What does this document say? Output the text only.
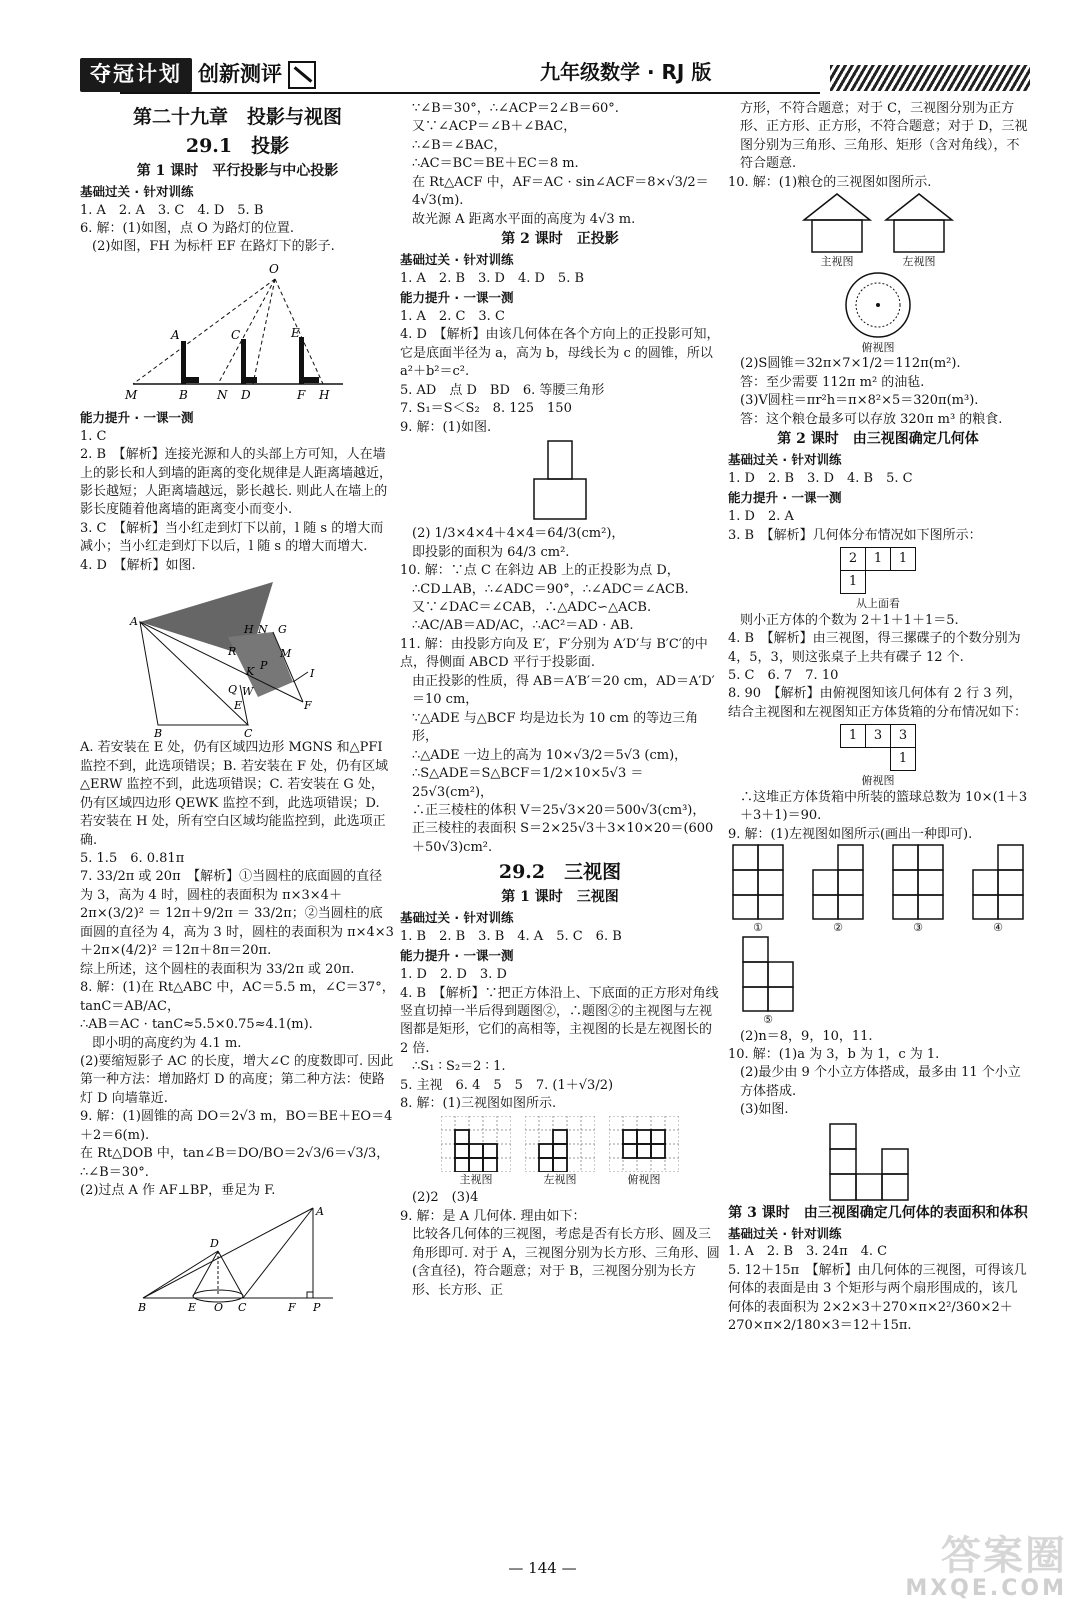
夺冠计划 创新测评	九年级数学 · RJ 版
第二十九章　投影与视图
29.1　投影
第 1 课时　平行投影与中心投影
基础过关 · 针对训练

1. A　2. A　3. C　4. D　5. B

6. 解：(1)如图，点 O 为路灯的位置.

(2)如图，FH 为标杆 EF 在路灯下的影子.

O
A	C	E
M	B N D	F H
能力提升 · 一课一测

1. C

2. B　【解析】连接光源和人的头部上方可知，人在墙上的影长和人到墙的距离的变化规律是人距离墙越近，影长越短；人距离墙越远，影长越长. 则此人在墙上的影长度随着他离墙的距离变小而变小.

3. C　【解析】当小红走到灯下以前，l 随 s 的增大而减小；当小红走到灯下以后，l 随 s 的增大而增大.

4. D　【解析】如图.

A
H N G
R	M
P
K	I
Q W
E	F
B	C

A. 若安装在 E 处，仍有区域四边形 MGNS 和△PFI 监控不到，此选项错误；B. 若安装在 F 处，仍有区域△ERW 监控不到，此选项错误；C. 若安装在 G 处，仍有区域四边形 QEWK 监控不到，此选项错误；D. 若安装在 H 处，所有空白区域均能监控到，此选项正确.

5. 1.5　6. 0.81π

7. 33/2π 或 20π　【解析】①当圆柱的底面圆的直径为 3，高为 4 时，圆柱的表面积为 π×3×4＋2π×(3/2)² ＝ 12π＋9/2π ＝ 33/2π；②当圆柱的底面圆的直径为 4，高为 3 时，圆柱的表面积为 π×4×3＋2π×(4/2)² ＝12π＋8π＝20π.

综上所述，这个圆柱的表面积为 33/2π 或 20π.

8. 解：(1)在 Rt△ABC 中，AC＝5.5 m，∠C＝37°，tanC＝AB/AC，

∴AB＝AC · tanC≈5.5×0.75≈4.1(m).

即小明的高度约为 4.1 m.

(2)要缩短影子 AC 的长度，增大∠C 的度数即可. 因此第一种方法：增加路灯 D 的高度；第二种方法：使路灯 D 向墙靠近.

9. 解：(1)圆锥的高 DO＝2√3 m，BO＝BE＋EO＝4＋2＝6(m).

在 Rt△DOB 中，tan∠B＝DO/BO＝2√3/6＝√3/3，

∴∠B＝30°.

(2)过点 A 作 AF⊥BP，垂足为 F.

A
D
B	E O C	F P

∵∠B＝30°，∴∠ACP＝2∠B＝60°.

又∵∠ACP＝∠B＋∠BAC，

∴∠B＝∠BAC，

∴AC＝BC＝BE＋EC＝8 m.

在 Rt△ACF 中，AF＝AC · sin∠ACF＝8×√3/2＝4√3(m).

故光源 A 距离水平面的高度为 4√3 m.

第 2 课时　正投影
基础过关 · 针对训练

1. A　2. B　3. D　4. D　5. B

能力提升 · 一课一测

1. A　2. C　3. C

4. D　【解析】由该几何体在各个方向上的正投影可知，它是底面半径为 a，高为 b，母线长为 c 的圆锥，所以 a²＋b²＝c².

5. AD　点 D　BD　6. 等腰三角形

7. S₁＝S＜S₂　8. 125　150

9. 解：(1)如图.

(2) 1/3×4×4＋4×4＝64/3(cm²)，

即投影的面积为 64/3 cm².

10. 解：∵点 C 在斜边 AB 上的正投影为点 D，

∴CD⊥AB，∴∠ADC＝90°，∴∠ADC＝∠ACB.

又∵∠DAC＝∠CAB，∴△ADC∽△ACB.

∴AC/AB＝AD/AC，∴AC²＝AD · AB.

11. 解：由投影方向及 E′，F′分别为 A′D′与 B′C′的中点，得侧面 ABCD 平行于投影面.

由正投影的性质，得 AB＝A′B′＝20 cm，AD＝A′D′＝10 cm，

∵△ADE 与△BCF 均是边长为 10 cm 的等边三角形，

∴△ADE 一边上的高为 10×√3/2＝5√3 (cm)，

∴S△ADE＝S△BCF＝1/2×10×5√3 ＝25√3(cm²)，

∴正三棱柱的体积 V＝25√3×20＝500√3(cm³)，

正三棱柱的表面积 S＝2×25√3＋3×10×20＝(600＋50√3)cm².

29.2　三视图
第 1 课时　三视图
基础过关 · 针对训练

1. B　2. B　3. B　4. A　5. C　6. B

能力提升 · 一课一测

1. D　2. D　3. D

4. B　【解析】∵把正方体沿上、下底面的正方形对角线竖直切掉一半后得到题图②，∴题图②的主视图与左视图都是矩形，它们的高相等，主视图的长是左视图长的 2 倍.

∴S₁ ∶ S₂＝2 ∶ 1.

5. 主视　6. 4　5　5　7. (1＋√3/2)

8. 解：(1)三视图如图所示.

主视图	左视图	俯视图

(2)2　(3)4

9. 解：是 A 几何体. 理由如下：

比较各几何体的三视图，考虑是否有长方形、圆及三角形即可. 对于 A，三视图分别为长方形、三角形、圆(含直径)，符合题意；对于 B，三视图分别为长方形、长方形、正

方形，不符合题意；对于 C，三视图分别为正方形、正方形、正方形，不符合题意；对于 D，三视图分别为三角形、三角形、矩形（含对角线），不符合题意.

10. 解：(1)粮仓的三视图如图所示.

主视图	左视图
俯视图

(2)S圆锥＝32π×7×1/2＝112π(m²).

答：至少需要 112π m² 的油毡.

(3)V圆柱＝πr²h＝π×8²×5＝320π(m³).

答：这个粮仓最多可以存放 320π m³ 的粮食.

第 2 课时　由三视图确定几何体
基础过关 · 针对训练

1. D　2. B　3. D　4. B　5. C

能力提升 · 一课一测

1. D　2. A

3. B　【解析】几何体分布情况如下图所示：

2	1	1
1		
从上面看

则小正方体的个数为 2＋1＋1＋1＝5.

4. B　【解析】由三视图，得三摞碟子的个数分别为 4，5，3，则这张桌子上共有碟子 12 个.

5. C　6. 7　7. 10

8. 90　【解析】由俯视图知该几何体有 2 行 3 列，结合主视图和左视图知正方体货箱的分布情况如下：

1	3	3
		1
俯视图

∴这堆正方体货箱中所装的篮球总数为 10×(1＋3＋3＋1)＝90.

9. 解：(1)左视图如图所示(画出一种即可).

①	②	③	④
⑤

(2)n＝8，9，10，11.

10. 解：(1)a 为 3，b 为 1，c 为 1.

(2)最少由 9 个小立方体搭成，最多由 11 个小立方体搭成.

(3)如图.

第 3 课时　由三视图确定几何体的表面积和体积
基础过关 · 针对训练

1. A　2. B　3. 24π　4. C

5. 12＋15π　【解析】由几何体的三视图，可得该几何体的表面是由 3 个矩形与两个扇形围成的，该几何体的表面积为 2×2×3＋270×π×2²/360×2＋270×π×2/180×3＝12＋15π.

— 144 —	答案圈
MXQE.COM
